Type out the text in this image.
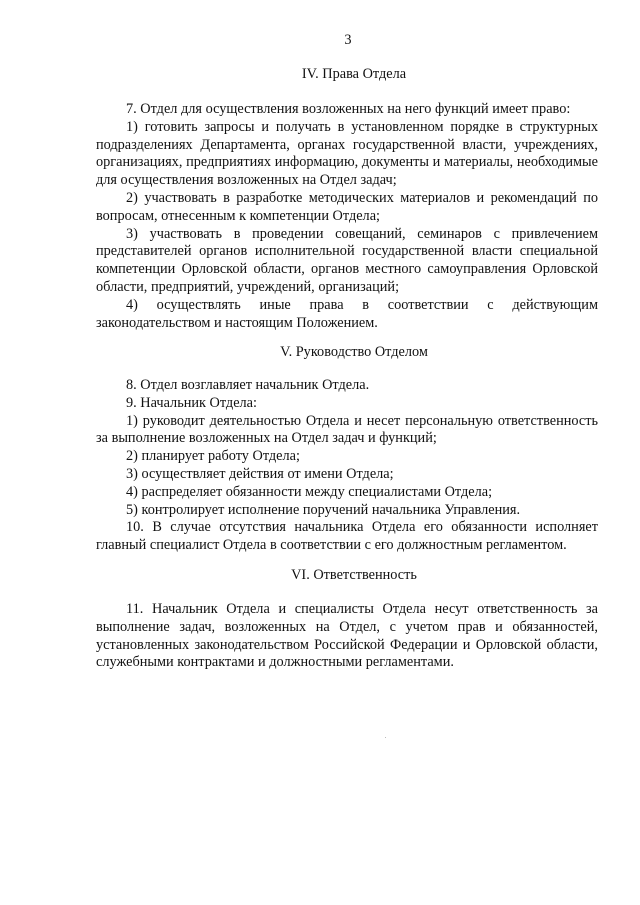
3
IV. Права Отдела

7. Отдел для осуществления возложенных на него функций имеет право:

1) готовить запросы и получать в установленном порядке в структурных подразделениях Департамента, органах государственной власти, учреждениях, организациях, предприятиях информацию, документы и материалы, необходимые для осуществления возложенных на Отдел задач;

2) участвовать в разработке методических материалов и рекомендаций по вопросам, отнесенным к компетенции Отдела;

3) участвовать в проведении совещаний, семинаров с привлечением представителей органов исполнительной государственной власти специальной компетенции Орловской области, органов местного самоуправления Орловской области, предприятий, учреждений, организаций;

4) осуществлять иные права в соответствии с действующим законодательством и настоящим Положением.

V. Руководство Отделом

8. Отдел возглавляет начальник Отдела.

9. Начальник Отдела:

1) руководит деятельностью Отдела и несет персональную ответственность за выполнение возложенных на Отдел задач и функций;

2) планирует работу Отдела;

3) осуществляет действия от имени Отдела;

4) распределяет обязанности между специалистами Отдела;

5) контролирует исполнение поручений начальника Управления.

10. В случае отсутствия начальника Отдела его обязанности исполняет главный специалист Отдела в соответствии с его должностным регламентом.

VI. Ответственность

11. Начальник Отдела и специалисты Отдела несут ответственность за выполнение задач, возложенных на Отдел, с учетом прав и обязанностей, установленных законодательством Российской Федерации и Орловской области, служебными контрактами и должностными регламентами.
